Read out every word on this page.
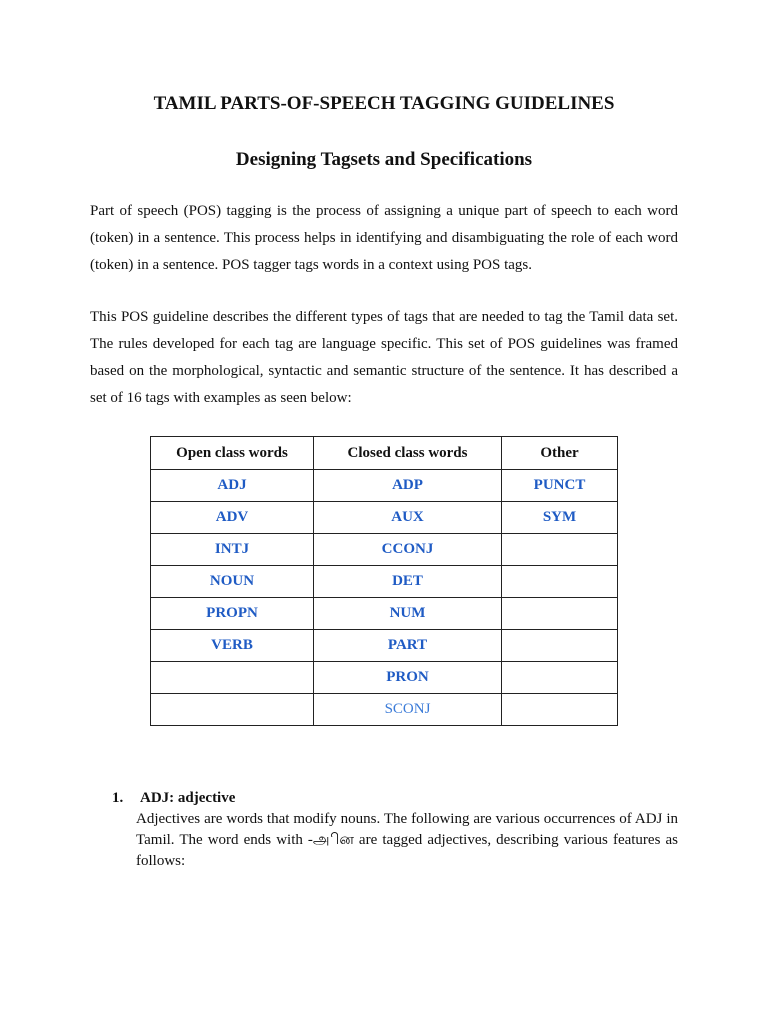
TAMIL PARTS-OF-SPEECH TAGGING GUIDELINES
Designing Tagsets and Specifications

Part of speech (POS) tagging is the process of assigning a unique part of speech to each word (token) in a sentence. This process helps in identifying and disambiguating the role of each word (token) in a sentence. POS tagger tags words in a context using POS tags.

This POS guideline describes the different types of tags that are needed to tag the Tamil data set. The rules developed for each tag are language specific. This set of POS guidelines was framed based on the morphological, syntactic and semantic structure of the sentence. It has described a set of 16 tags with examples as seen below:

Open class words	Closed class words	Other
ADJ	ADP	PUNCT
ADV	AUX	SYM
INTJ	CCONJ	
NOUN	DET	
PROPN	NUM	
VERB	PART	
	PRON	
	SCONJ	
1. ADJ: adjective

Adjectives are words that modify nouns. The following are various occurrences of ADJ in Tamil. The word ends with -அின are tagged adjectives, describing various features as follows:
